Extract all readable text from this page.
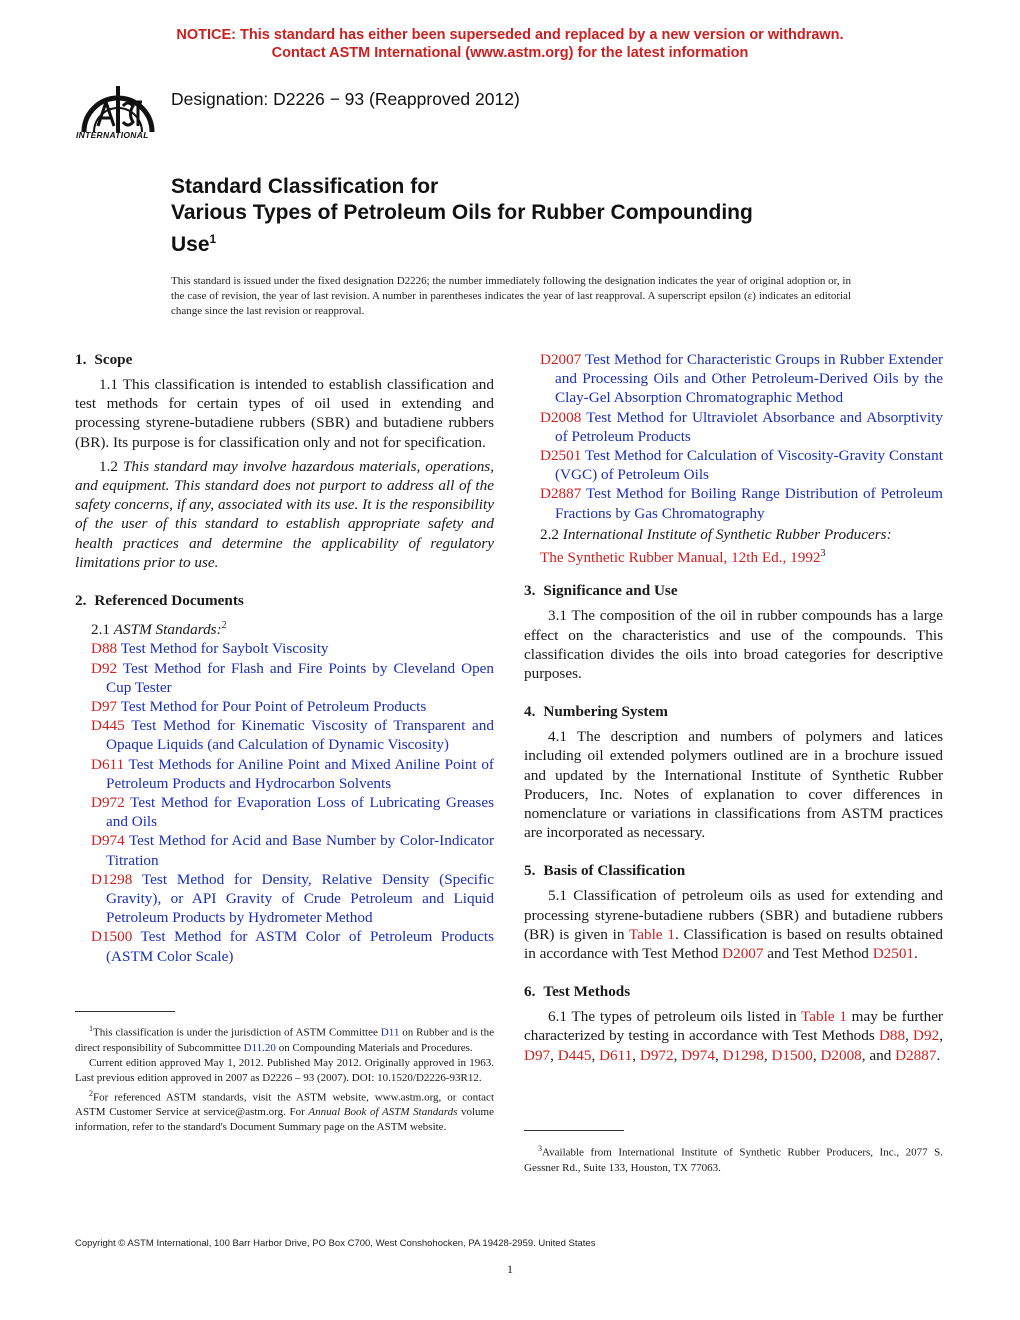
NOTICE: This standard has either been superseded and replaced by a new version or withdrawn.
Contact ASTM International (www.astm.org) for the latest information
INTERNATIONAL
Designation: D2226 − 93 (Reapproved 2012)
Standard Classification for
Various Types of Petroleum Oils for Rubber Compounding
Use$^1$
This standard is issued under the fixed designation D2226; the number immediately following the designation indicates the year of original adoption or, in the case of revision, the year of last revision. A number in parentheses indicates the year of last reapproval. A superscript epsilon (ε) indicates an editorial change since the last revision or reapproval.
1. Scope

1.1 This classification is intended to establish classification and test methods for certain types of oil used in extending and processing styrene-butadiene rubbers (SBR) and butadiene rubbers (BR). Its purpose is for classification only and not for specification.

1.2 This standard may involve hazardous materials, operations, and equipment. This standard does not purport to address all of the safety concerns, if any, associated with its use. It is the responsibility of the user of this standard to establish appropriate safety and health practices and determine the applicability of regulatory limitations prior to use.

2. Referenced Documents

2.1 ASTM Standards:$^2$

D88 Test Method for Saybolt Viscosity

D92 Test Method for Flash and Fire Points by Cleveland Open Cup Tester

D97 Test Method for Pour Point of Petroleum Products

D445 Test Method for Kinematic Viscosity of Transparent and Opaque Liquids (and Calculation of Dynamic Viscosity)

D611 Test Methods for Aniline Point and Mixed Aniline Point of Petroleum Products and Hydrocarbon Solvents

D972 Test Method for Evaporation Loss of Lubricating Greases and Oils

D974 Test Method for Acid and Base Number by Color-Indicator Titration

D1298 Test Method for Density, Relative Density (Specific Gravity), or API Gravity of Crude Petroleum and Liquid Petroleum Products by Hydrometer Method

D1500 Test Method for ASTM Color of Petroleum Products (ASTM Color Scale)

D2007 Test Method for Characteristic Groups in Rubber Extender and Processing Oils and Other Petroleum-Derived Oils by the Clay-Gel Absorption Chromatographic Method

D2008 Test Method for Ultraviolet Absorbance and Absorptivity of Petroleum Products

D2501 Test Method for Calculation of Viscosity-Gravity Constant (VGC) of Petroleum Oils

D2887 Test Method for Boiling Range Distribution of Petroleum Fractions by Gas Chromatography

2.2 International Institute of Synthetic Rubber Producers:

The Synthetic Rubber Manual, 12th Ed., 1992$^3$

3. Significance and Use

3.1 The composition of the oil in rubber compounds has a large effect on the characteristics and use of the compounds. This classification divides the oils into broad categories for descriptive purposes.

4. Numbering System

4.1 The description and numbers of polymers and latices including oil extended polymers outlined are in a brochure issued and updated by the International Institute of Synthetic Rubber Producers, Inc. Notes of explanation to cover differences in nomenclature or variations in classifications from ASTM practices are incorporated as necessary.

5. Basis of Classification

5.1 Classification of petroleum oils as used for extending and processing styrene-butadiene rubbers (SBR) and butadiene rubbers (BR) is given in Table 1. Classification is based on results obtained in accordance with Test Method D2007 and Test Method D2501.

6. Test Methods

6.1 The types of petroleum oils listed in Table 1 may be further characterized by testing in accordance with Test Methods D88, D92, D97, D445, D611, D972, D974, D1298, D1500, D2008, and D2887.

$^1$This classification is under the jurisdiction of ASTM Committee D11 on Rubber and is the direct responsibility of Subcommittee D11.20 on Compounding Materials and Procedures.

Current edition approved May 1, 2012. Published May 2012. Originally approved in 1963. Last previous edition approved in 2007 as D2226 – 93 (2007). DOI: 10.1520/D2226-93R12.

$^2$For referenced ASTM standards, visit the ASTM website, www.astm.org, or contact ASTM Customer Service at service@astm.org. For Annual Book of ASTM Standards volume information, refer to the standard's Document Summary page on the ASTM website.

$^3$Available from International Institute of Synthetic Rubber Producers, Inc., 2077 S. Gessner Rd., Suite 133, Houston, TX 77063.

Copyright © ASTM International, 100 Barr Harbor Drive, PO Box C700, West Conshohocken, PA 19428-2959. United States
1
